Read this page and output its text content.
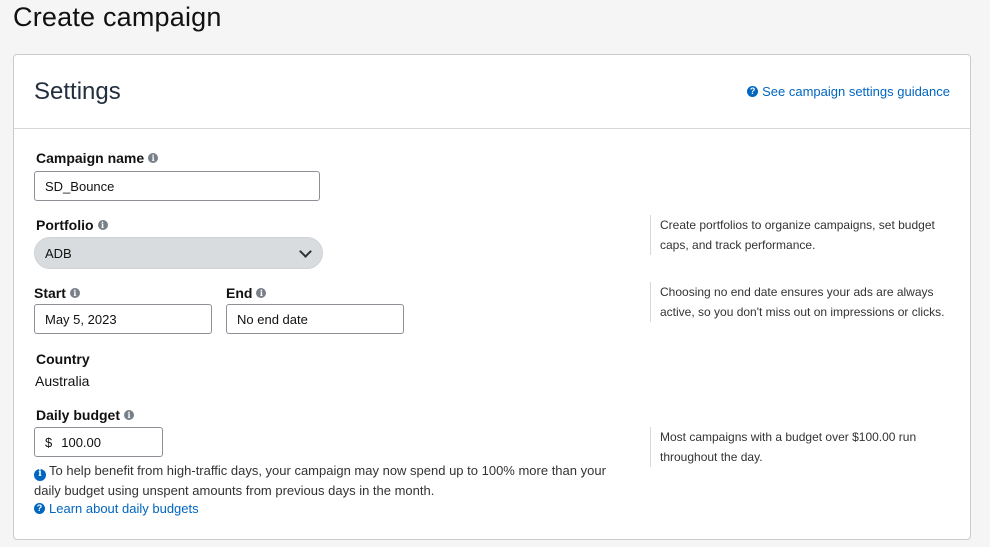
Create campaign
Settings	? See campaign settings guidance
Campaign name i
SD_Bounce
Portfolio i
ADB
Create portfolios to organize campaigns, set budget caps, and track performance.
Start i
May 5, 2023
End i
No end date
Choosing no end date ensures your ads are always active, so you don't miss out on impressions or clicks.
Country
Australia
Daily budget i
$ 100.00	Most campaigns with a budget over $100.00 run throughout the day.
i To help benefit from high-traffic days, your campaign may now spend up to 100% more than your daily budget using unspent amounts from previous days in the month.
? Learn about daily budgets
